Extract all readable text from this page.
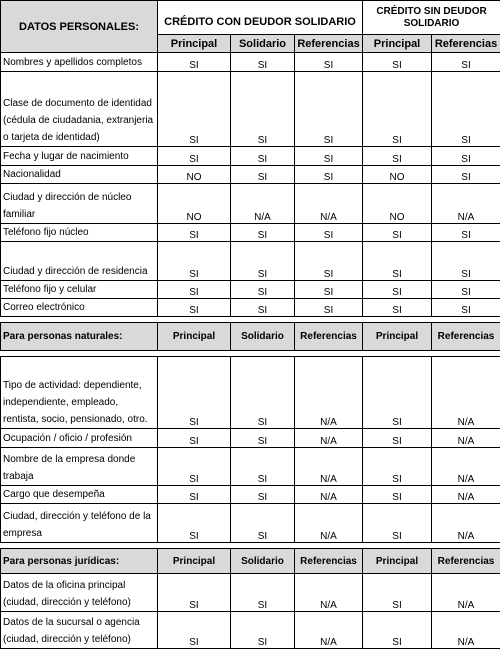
DATOS PERSONALES:	CRÉDITO CON DEUDOR SOLIDARIO			CRÉDITO SIN DEUDOR SOLIDARIO	
	Principal	Solidario	Referencias	Principal	Referencias
Nombres y apellidos completos	SI	SI	SI	SI	SI
Clase de documento de identidad (cédula de ciudadania, extranjeria o tarjeta de identidad)	SI	SI	SI	SI	SI
Fecha y lugar de nacimiento	SI	SI	SI	SI	SI
Nacionalidad	NO	SI	SI	NO	SI
Ciudad y dirección de núcleo familiar	NO	N/A	N/A	NO	N/A
Teléfono fijo núcleo	SI	SI	SI	SI	SI
Ciudad y dirección de residencia	SI	SI	SI	SI	SI
Teléfono fijo y celular	SI	SI	SI	SI	SI
Correo electrónico	SI	SI	SI	SI	SI

Para personas naturales:	Principal	Solidario	Referencias	Principal	Referencias

Tipo de actividad: dependiente, independiente, empleado, rentista, socio, pensionado, otro.	SI	SI	N/A	SI	N/A
Ocupación / oficio / profesión	SI	SI	N/A	SI	N/A
Nombre de la empresa donde trabaja	SI	SI	N/A	SI	N/A
Cargo que desempeña	SI	SI	N/A	SI	N/A
Ciudad, dirección y teléfono de la empresa	SI	SI	N/A	SI	N/A

Para personas jurídicas:	Principal	Solidario	Referencias	Principal	Referencias
Datos de la oficina principal (ciudad, dirección y teléfono)	SI	SI	N/A	SI	N/A
Datos de la sucursal o agencia (ciudad, dirección y teléfono)	SI	SI	N/A	SI	N/A
